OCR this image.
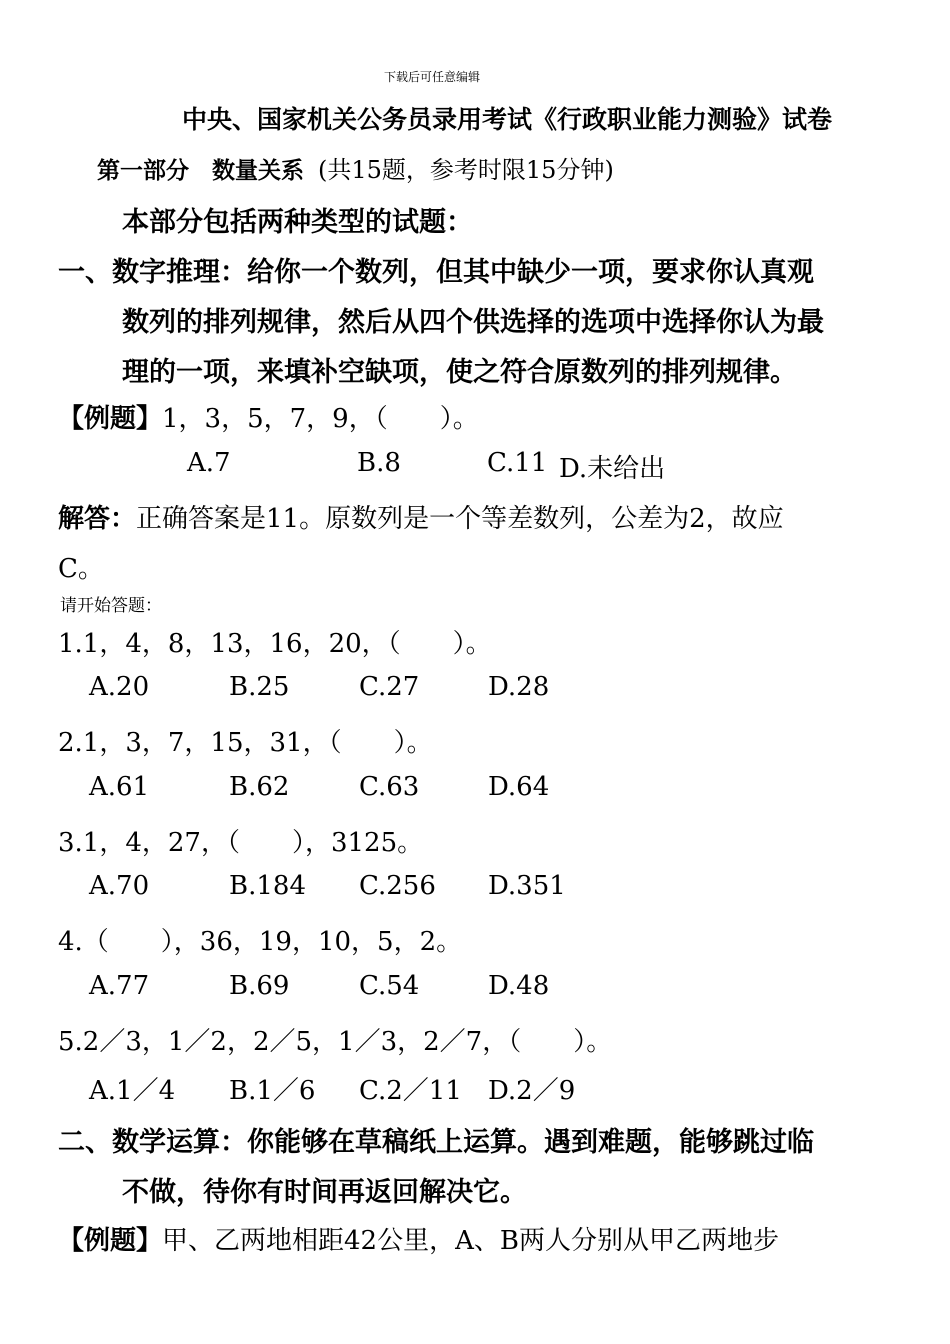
下载后可任意编辑
中央、国家机关公务员录用考试《行政职业能力测验》试卷
第一部分　数量关系 (共15题，参考时限15分钟)
本部分包括两种类型的试题：
一、数字推理：给你一个数列，但其中缺少一项，要求你认真观
数列的排列规律，然后从四个供选择的选项中选择你认为最
理的一项，来填补空缺项，使之符合原数列的排列规律。
【例题】1，3，5，7，9，（　　）。
A.7	B.8	C.11 D.未给出
解答：正确答案是11。原数列是一个等差数列，公差为2，故应
C。
请开始答题：
1.1，4，8，13，16，20，（　　）。
A.20	B.25	C.27	D.28
2.1，3，7，15，31，（　　）。
A.61	B.62	C.63	D.64
3.1，4，27，（　　），3125。
A.70	B.184 C.256 D.351
4.（　　），36，19，10，5，2。
A.77	B.69	C.54	D.48
5.2／3，1／2，2／5，1／3，2／7，（　　）。
A.1／4 B.1／6 C.2／11 D.2／9
二、数学运算：你能够在草稿纸上运算。遇到难题，能够跳过临
不做，待你有时间再返回解决它。
【例题】甲、乙两地相距42公里，A、B两人分别从甲乙两地步
